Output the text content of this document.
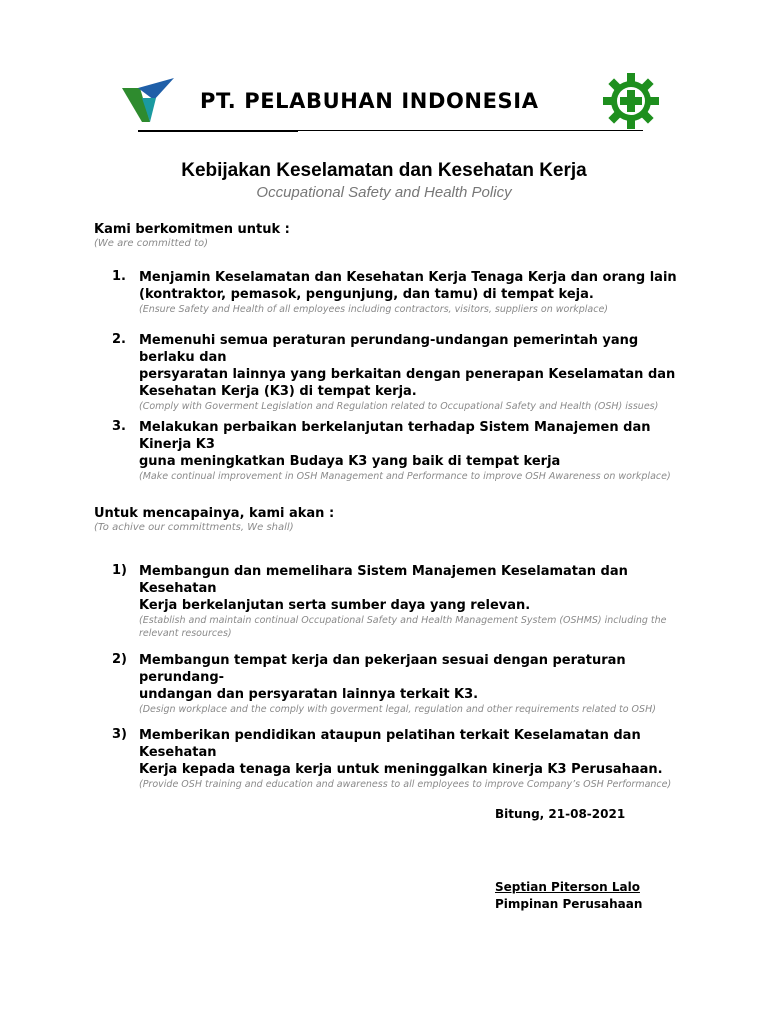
PT. PELABUHAN INDONESIA
Kebijakan Keselamatan dan Kesehatan Kerja
Occupational Safety and Health Policy
Kami berkomitmen untuk :
(We are committed to)
1.	Menjamin Keselamatan dan Kesehatan Kerja Tenaga Kerja dan orang lain
(kontraktor, pemasok, pengunjung, dan tamu) di tempat keja.
(Ensure Safety and Health of all employees including contractors, visitors, suppliers on workplace)
2.	Memenuhi semua peraturan perundang-undangan pemerintah yang berlaku dan
persyaratan lainnya yang berkaitan dengan penerapan Keselamatan dan
Kesehatan Kerja (K3) di tempat kerja.
(Comply with Goverment Legislation and Regulation related to Occupational Safety and Health (OSH) issues)
3.	Melakukan perbaikan berkelanjutan terhadap Sistem Manajemen dan Kinerja K3
guna meningkatkan Budaya K3 yang baik di tempat kerja
(Make continual improvement in OSH Management and Performance to improve OSH Awareness on workplace)
Untuk mencapainya, kami akan :
(To achive our committments, We shall)
1) Membangun dan memelihara Sistem Manajemen Keselamatan dan Kesehatan
Kerja berkelanjutan serta sumber daya yang relevan.
(Establish and maintain continual Occupational Safety and Health Management System (OSHMS) including the relevant resources)
2) Membangun tempat kerja dan pekerjaan sesuai dengan peraturan perundang-
undangan dan persyaratan lainnya terkait K3.
(Design workplace and the comply with goverment legal, regulation and other requirements related to OSH)
3) Memberikan pendidikan ataupun pelatihan terkait Keselamatan dan Kesehatan
Kerja kepada tenaga kerja untuk meninggalkan kinerja K3 Perusahaan.
(Provide OSH training and education and awareness to all employees to improve Company’s OSH Performance)
Bitung, 21-08-2021
Septian Piterson Lalo
Pimpinan Perusahaan
